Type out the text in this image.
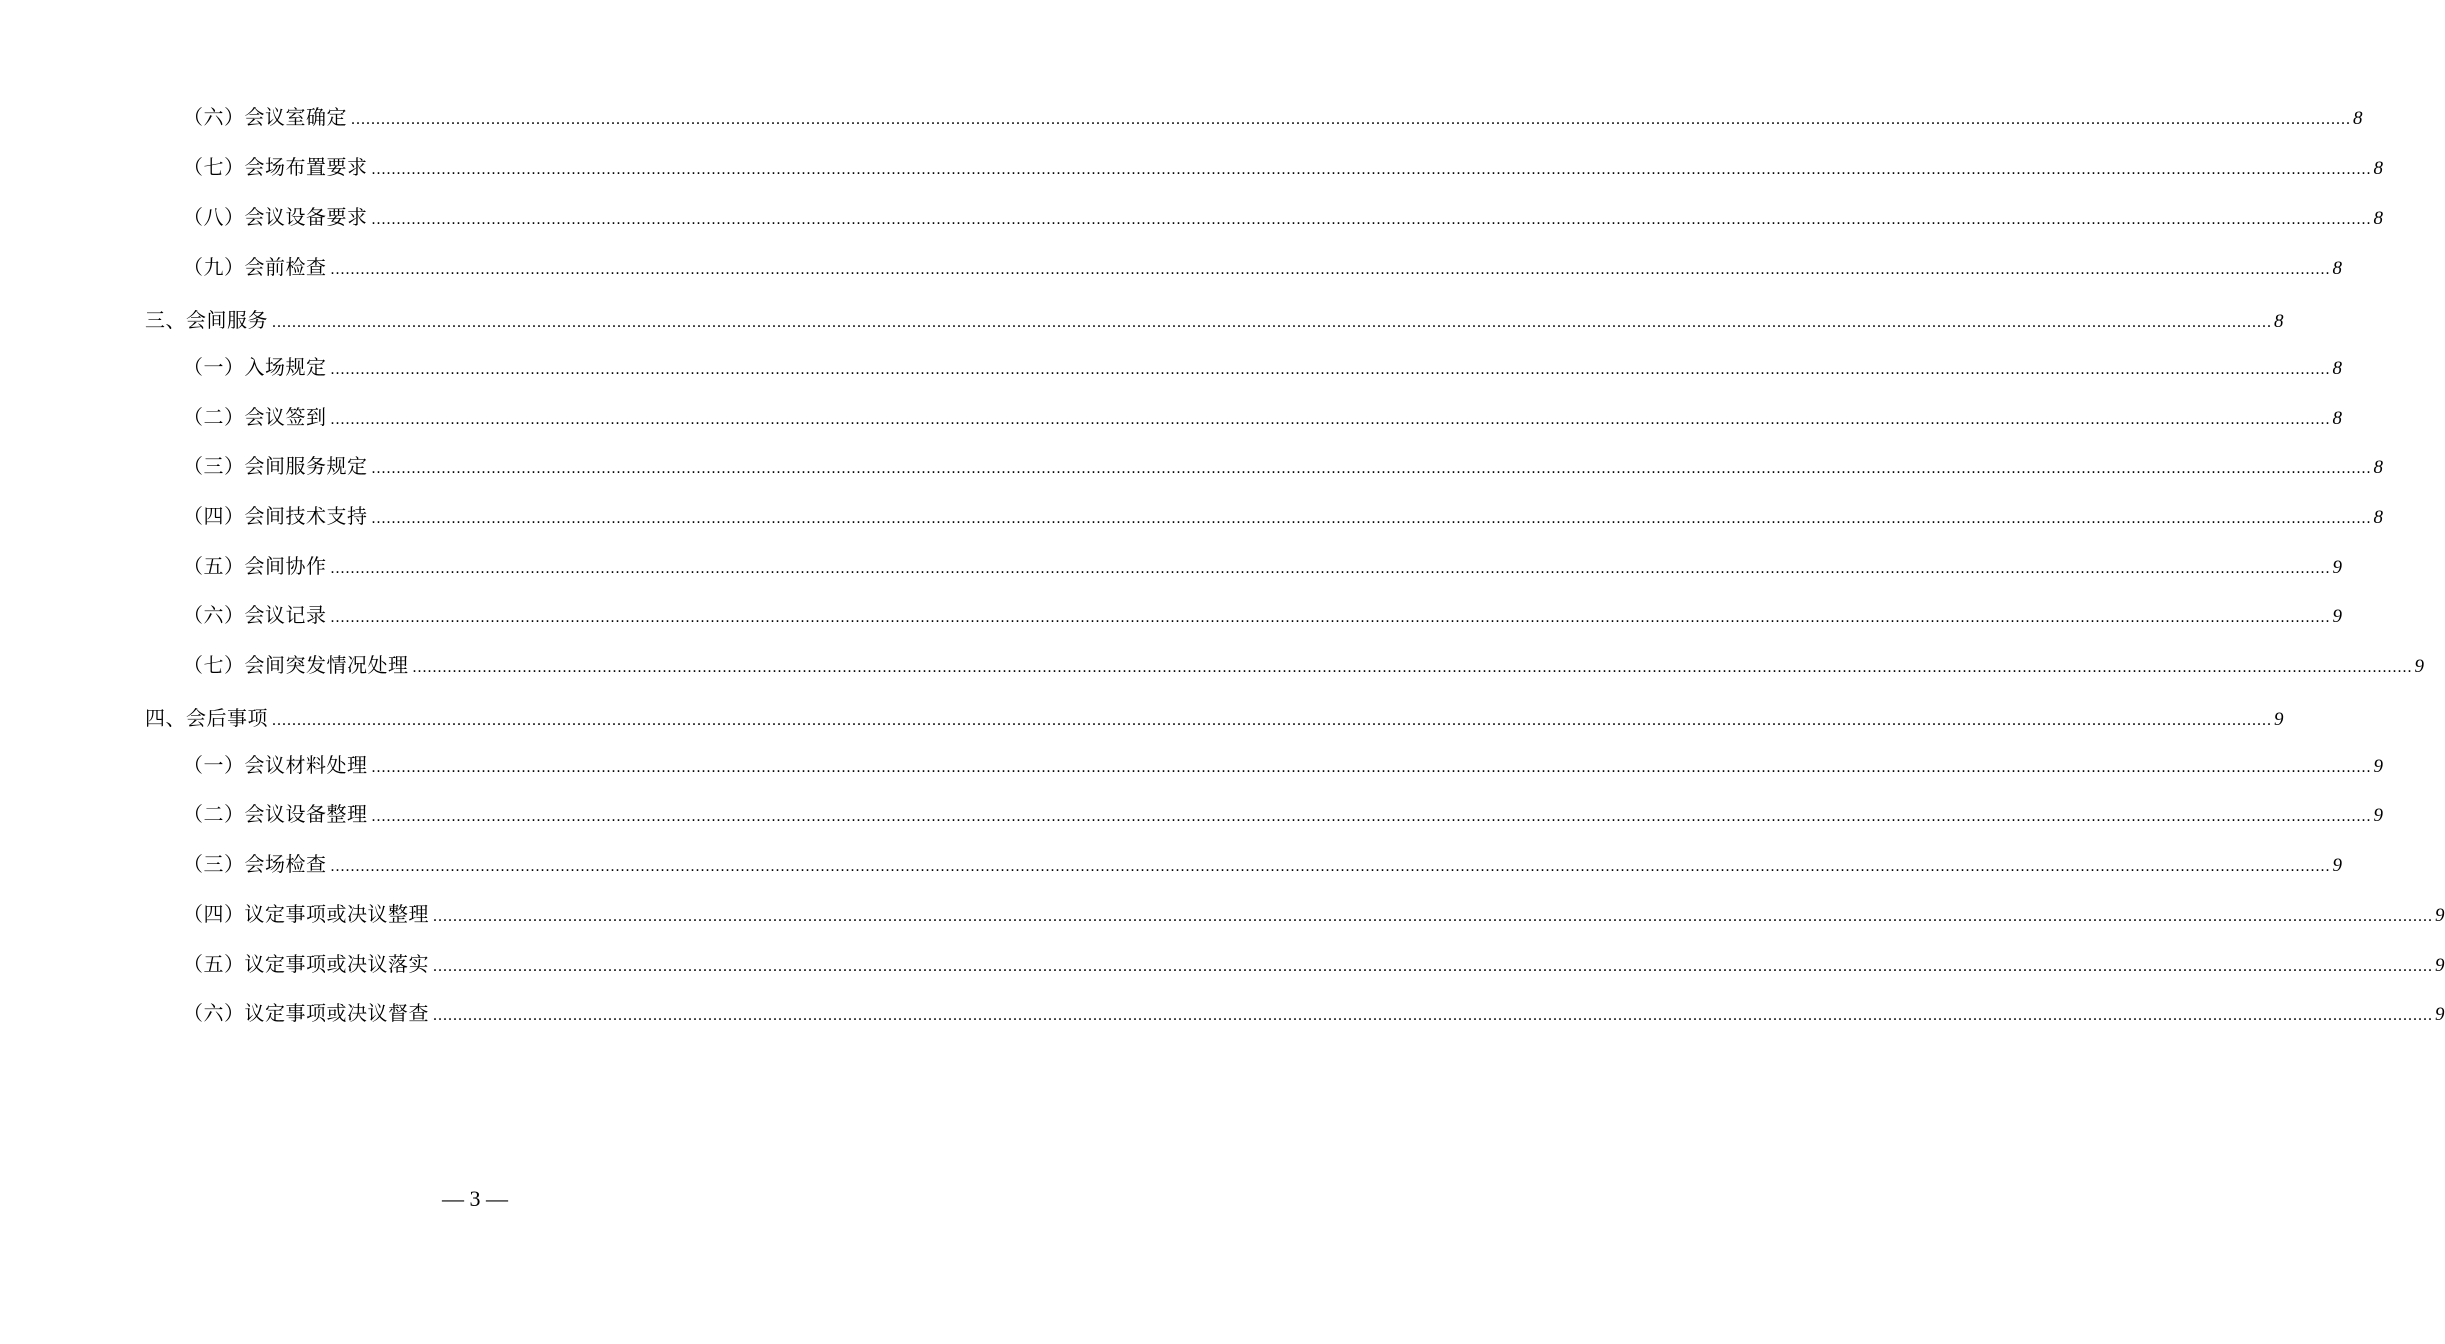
（六）会议室确定 ................................................................................................................................................................................................................................................................................................................................................................................................................ 8
（七）会场布置要求 ................................................................................................................................................................................................................................................................................................................................................................................................................ 8
（八）会议设备要求 ................................................................................................................................................................................................................................................................................................................................................................................................................ 8
（九）会前检查 ................................................................................................................................................................................................................................................................................................................................................................................................................ 8
三、会间服务 ................................................................................................................................................................................................................................................................................................................................................................................................................ 8
（一）入场规定 ................................................................................................................................................................................................................................................................................................................................................................................................................ 8
（二）会议签到 ................................................................................................................................................................................................................................................................................................................................................................................................................ 8
（三）会间服务规定 ................................................................................................................................................................................................................................................................................................................................................................................................................ 8
（四）会间技术支持 ................................................................................................................................................................................................................................................................................................................................................................................................................ 8
（五）会间协作 ................................................................................................................................................................................................................................................................................................................................................................................................................ 9
（六）会议记录 ................................................................................................................................................................................................................................................................................................................................................................................................................ 9
（七）会间突发情况处理 ................................................................................................................................................................................................................................................................................................................................................................................................................ 9
四、会后事项 ................................................................................................................................................................................................................................................................................................................................................................................................................ 9
（一）会议材料处理 ................................................................................................................................................................................................................................................................................................................................................................................................................ 9
（二）会议设备整理 ................................................................................................................................................................................................................................................................................................................................................................................................................ 9
（三）会场检查 ................................................................................................................................................................................................................................................................................................................................................................................................................ 9
（四）议定事项或决议整理 ................................................................................................................................................................................................................................................................................................................................................................................................................ 9
（五）议定事项或决议落实 ................................................................................................................................................................................................................................................................................................................................................................................................................ 9
（六）议定事项或决议督查 ................................................................................................................................................................................................................................................................................................................................................................................................................ 9
— 3 —
